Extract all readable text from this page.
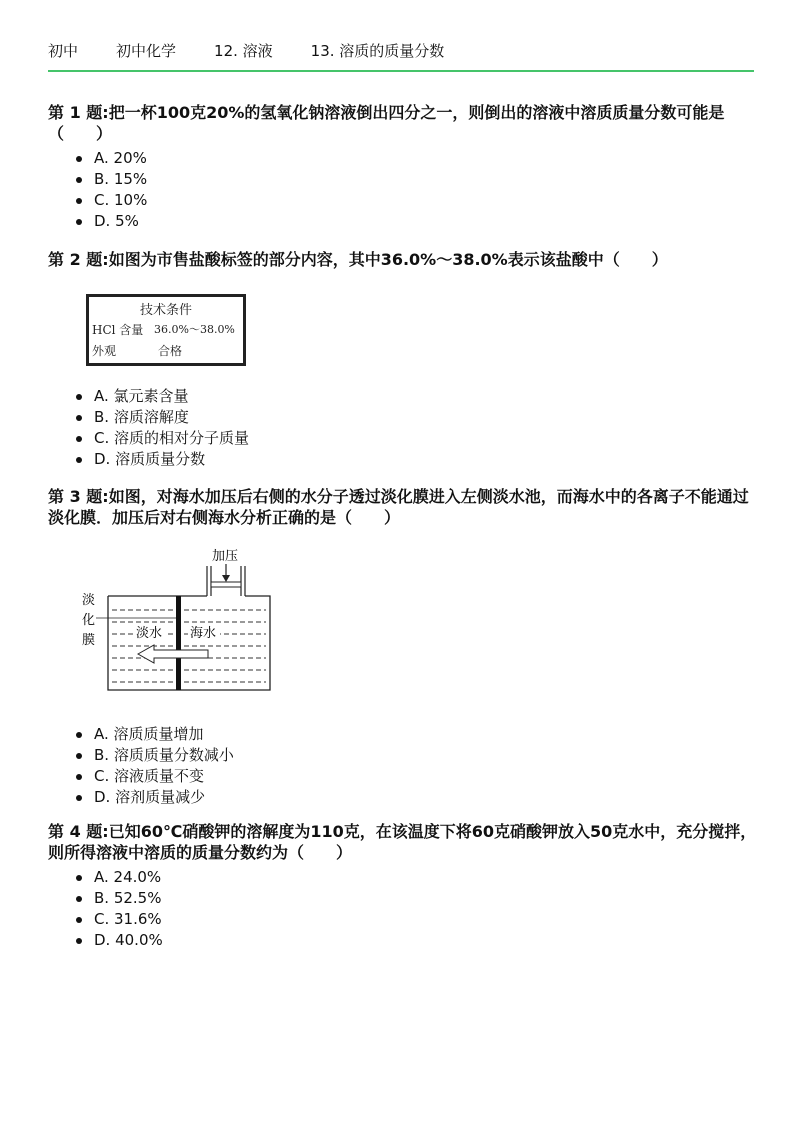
初中	初中化学	12. 溶液	13. 溶质的质量分数
第 1 题:把一杯100克20%的氢氧化钠溶液倒出四分之一，则倒出的溶液中溶质质量分数可能是（　　）
A. 20%
B. 15%
C. 10%
D. 5%
第 2 题:如图为市售盐酸标签的部分内容，其中36.0%～38.0%表示该盐酸中（　　）
技术条件
HCl 含量 36.0%～38.0%
外观	合格
A. 氯元素含量
B. 溶质溶解度
C. 溶质的相对分子质量
D. 溶质质量分数
第 3 题:如图，对海水加压后右侧的水分子透过淡化膜进入左侧淡水池，而海水中的各离子不能通过淡化膜．加压后对右侧海水分析正确的是（　　）
加压
淡
化
膜	淡水 海水
A. 溶质质量增加
B. 溶质质量分数减小
C. 溶液质量不变
D. 溶剂质量减少
第 4 题:已知60℃硝酸钾的溶解度为110克，在该温度下将60克硝酸钾放入50克水中，充分搅拌，则所得溶液中溶质的质量分数约为（　　）
A. 24.0%
B. 52.5%
C. 31.6%
D. 40.0%
